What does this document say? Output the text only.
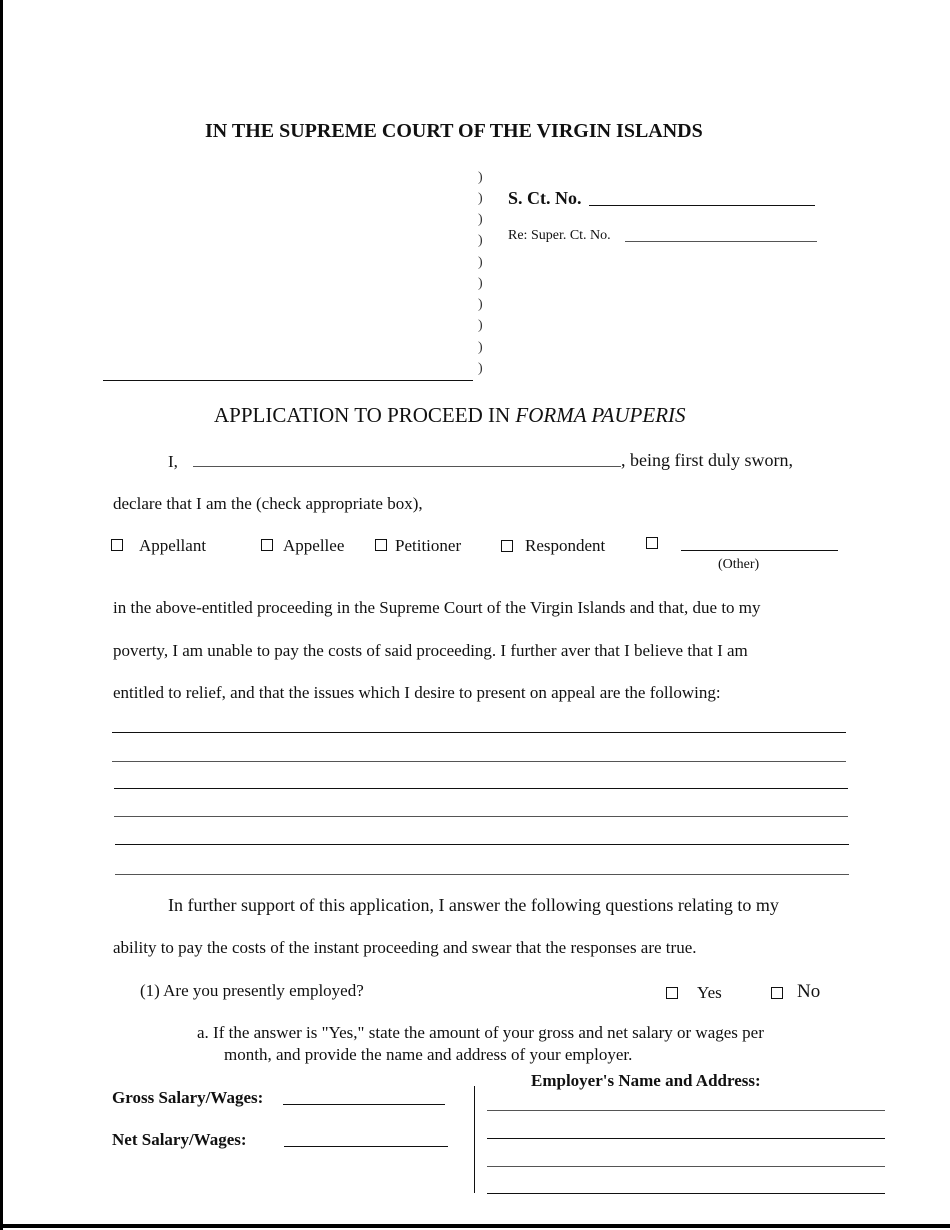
IN THE SUPREME COURT OF THE VIRGIN ISLANDS
)
)
)
)
)
)
)
)
)
)
S. Ct. No.
Re: Super. Ct. No.
APPLICATION TO PROCEED IN FORMA PAUPERIS
I,	, being first duly sworn,
declare that I am the (check appropriate box),
Appellant	Appellee	Petitioner	Respondent
(Other)
in the above-entitled proceeding in the Supreme Court of the Virgin Islands and that, due to my
poverty, I am unable to pay the costs of said proceeding. I further aver that I believe that I am
entitled to relief, and that the issues which I desire to present on appeal are the following:
In further support of this application, I answer the following questions relating to my
ability to pay the costs of the instant proceeding and swear that the responses are true.
(1) Are you presently employed?	Yes	No
a. If the answer is "Yes," state the amount of your gross and net salary or wages per
month, and provide the name and address of your employer.
Gross Salary/Wages:
Net Salary/Wages:
Employer's Name and Address:
